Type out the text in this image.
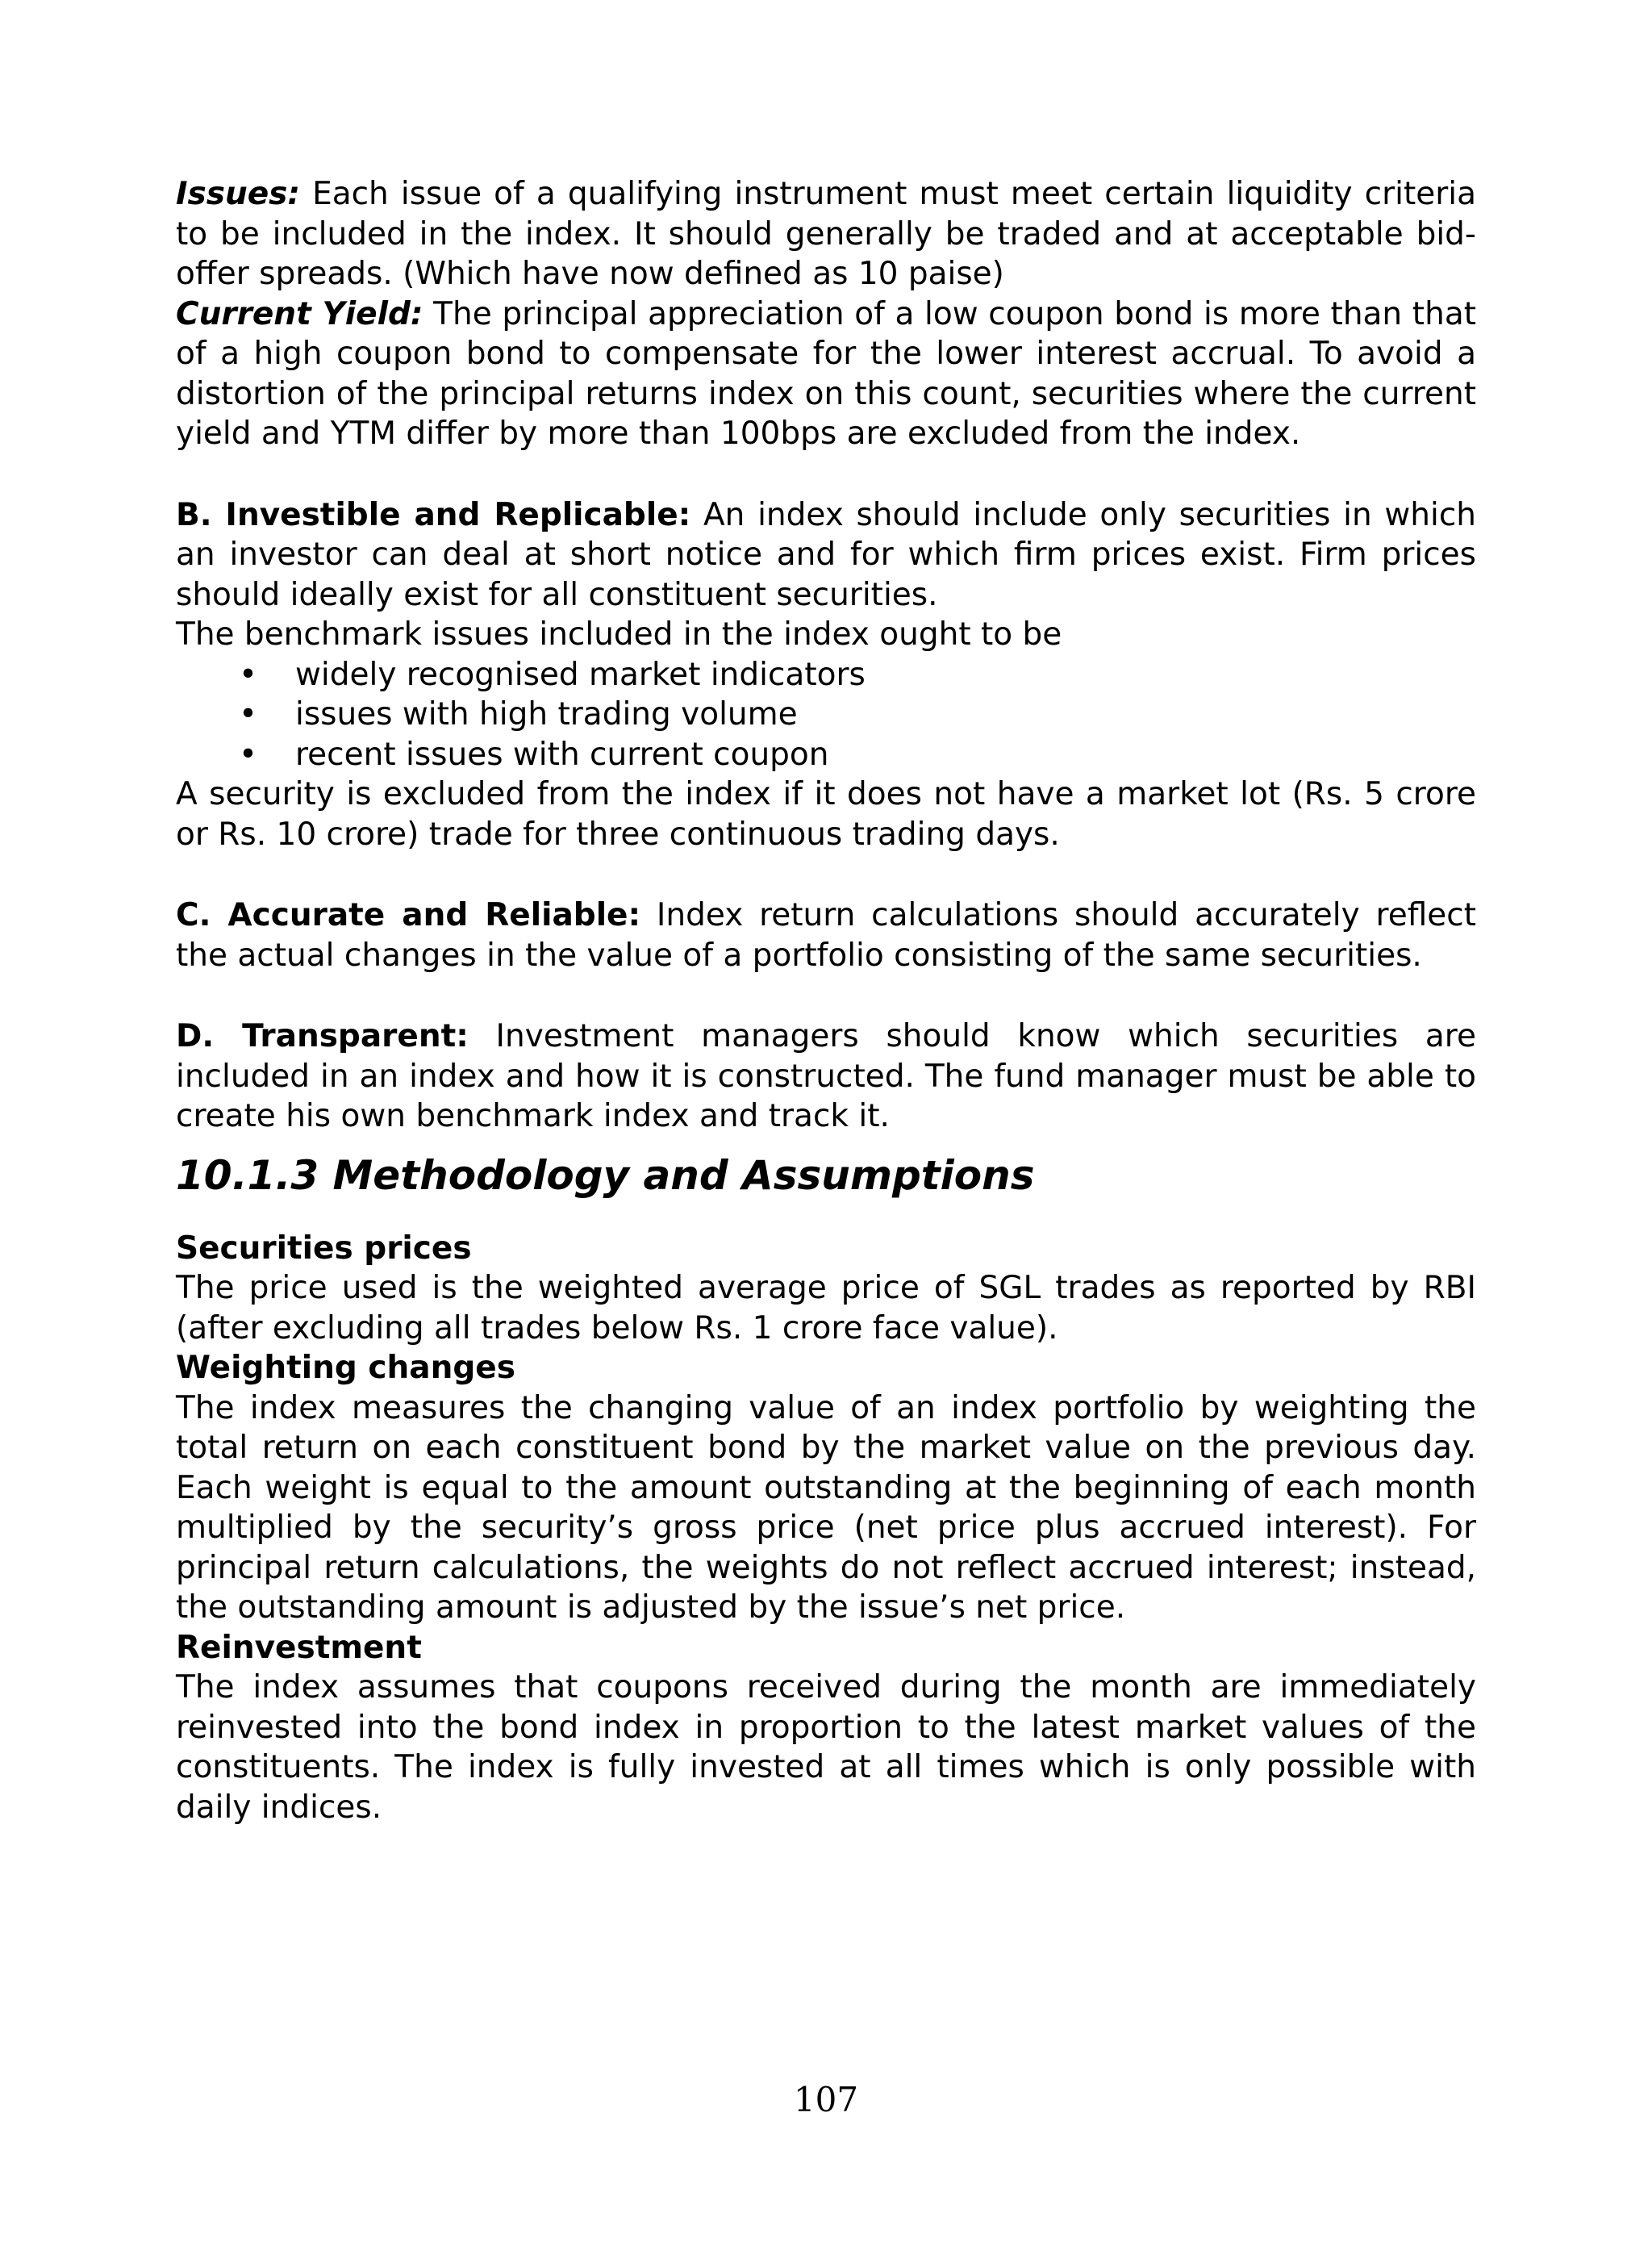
Issues: Each issue of a qualifying instrument must meet certain liquidity criteria to be included in the index. It should generally be traded and at acceptable bid-offer spreads. (Which have now defined as 10 paise)

Current Yield: The principal appreciation of a low coupon bond is more than that of a high coupon bond to compensate for the lower interest accrual. To avoid a distortion of the principal returns index on this count, securities where the current yield and YTM differ by more than 100bps are excluded from the index.

B. Investible and Replicable: An index should include only securities in which an investor can deal at short notice and for which firm prices exist. Firm prices should ideally exist for all constituent securities.

The benchmark issues included in the index ought to be

• widely recognised market indicators
• issues with high trading volume
• recent issues with current coupon

A security is excluded from the index if it does not have a market lot (Rs. 5 crore or Rs. 10 crore) trade for three continuous trading days.

C. Accurate and Reliable: Index return calculations should accurately reflect the actual changes in the value of a portfolio consisting of the same securities.

D. Transparent: Investment managers should know which securities are included in an index and how it is constructed. The fund manager must be able to create his own benchmark index and track it.

10.1.3 Methodology and Assumptions
Securities prices

The price used is the weighted average price of SGL trades as reported by RBI (after excluding all trades below Rs. 1 crore face value).

Weighting changes

The index measures the changing value of an index portfolio by weighting the total return on each constituent bond by the market value on the previous day. Each weight is equal to the amount outstanding at the beginning of each month multiplied by the security’s gross price (net price plus accrued interest). For principal return calculations, the weights do not reflect accrued interest; instead, the outstanding amount is adjusted by the issue’s net price.

Reinvestment

The index assumes that coupons received during the month are immediately reinvested into the bond index in proportion to the latest market values of the constituents. The index is fully invested at all times which is only possible with daily indices.

107
